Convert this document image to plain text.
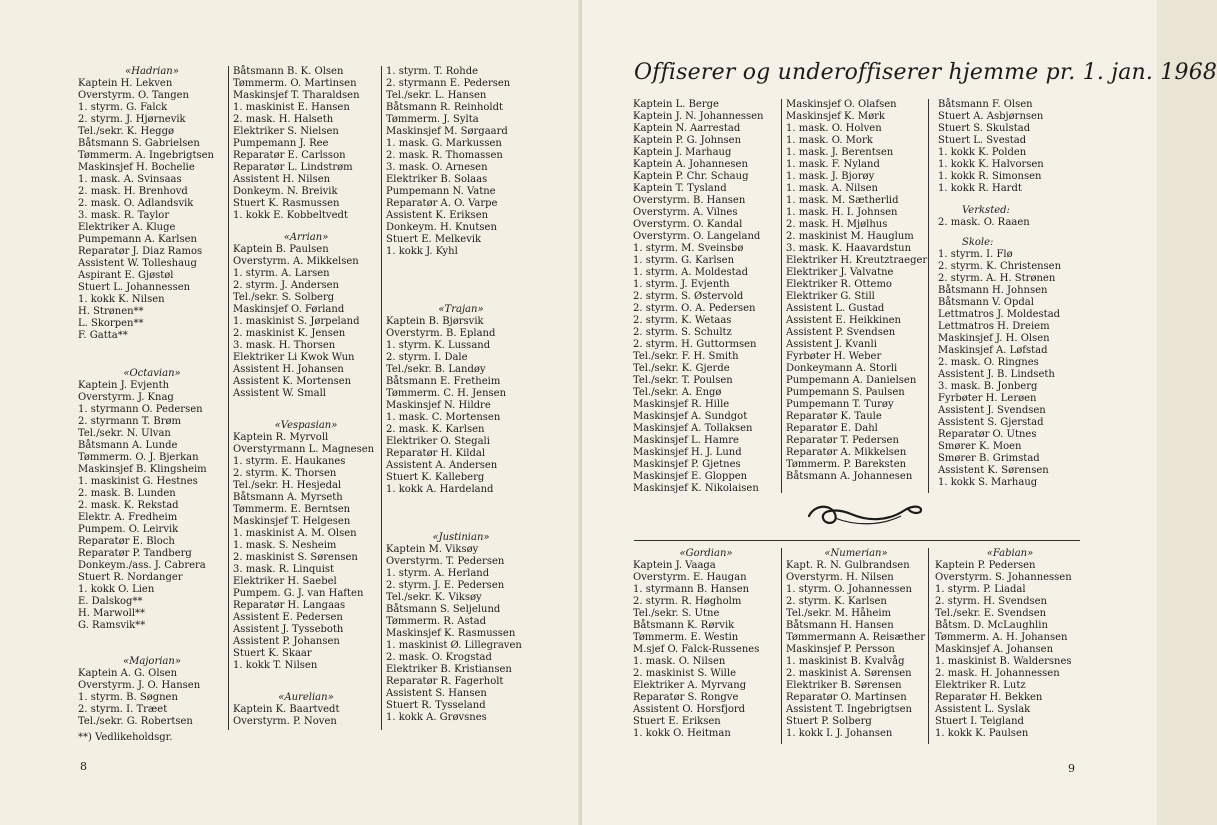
«Hadrian»
Kaptein H. Lekven
Overstyrm. O. Tangen
1. styrm. G. Falck
2. styrm. J. Hjørnevik
Tel./sekr. K. Heggø
Båtsmann S. Gabrielsen
Tømmerm. A. Ingebrigtsen
Maskinsjef H. Bochelie
1. mask. A. Svinsaas
2. mask. H. Brenhovd
2. mask. O. Adlandsvik
3. mask. R. Taylor
Elektriker A. Kluge
Pumpemann A. Karlsen
Reparatør J. Diaz Ramos
Assistent W. Tolleshaug
Aspirant E. Gjøstøl
Stuert L. Johannessen
1. kokk K. Nilsen
H. Strønen**
L. Skorpen**
F. Gatta**
«Octavian»
Kaptein J. Evjenth
Overstyrm. J. Knag
1. styrmann O. Pedersen
2. styrmann T. Brøm
Tel./sekr. N. Ulvan
Båtsmann A. Lunde
Tømmerm. O. J. Bjerkan
Maskinsjef B. Klingsheim
1. maskinist G. Hestnes
2. mask. B. Lunden
2. mask. K. Rekstad
Elektr. A. Fredheim
Pumpem. O. Leirvik
Reparatør E. Bloch
Reparatør P. Tandberg
Donkeym./ass. J. Cabrera
Stuert R. Nordanger
1. kokk O. Lien
E. Dalskog**
H. Marwoll**
G. Ramsvik**
«Majorian»
Kaptein A. G. Olsen
Overstyrm. J. O. Hansen
1. styrm. B. Søgnen
2. styrm. I. Træet
Tel./sekr. G. Robertsen
**) Vedlikeholdsgr.
Båtsmann B. K. Olsen
Tømmerm. O. Martinsen
Maskinsjef T. Tharaldsen
1. maskinist E. Hansen
2. mask. H. Halseth
Elektriker S. Nielsen
Pumpemann J. Ree
Reparatør E. Carlsson
Reparatør L. Lindstrøm
Assistent H. Nilsen
Donkeym. N. Breivik
Stuert K. Rasmussen
1. kokk E. Kobbeltvedt
«Arrian»
Kaptein B. Paulsen
Overstyrm. A. Mikkelsen
1. styrm. A. Larsen
2. styrm. J. Andersen
Tel./sekr. S. Solberg
Maskinsjef O. Førland
1. maskinist S. Jørpeland
2. maskinist K. Jensen
3. mask. H. Thorsen
Elektriker Li Kwok Wun
Assistent H. Johansen
Assistent K. Mortensen
Assistent W. Small
«Vespasian»
Kaptein R. Myrvoll
Overstyrmann L. Magnesen
1. styrm. E. Haukanes
2. styrm. K. Thorsen
Tel./sekr. H. Hesjedal
Båtsmann A. Myrseth
Tømmerm. E. Berntsen
Maskinsjef T. Helgesen
1. maskinist A. M. Olsen
1. mask. S. Nesheim
2. maskinist S. Sørensen
3. mask. R. Linquist
Elektriker H. Saebel
Pumpem. G. J. van Haften
Reparatør H. Langaas
Assistent E. Pedersen
Assistent J. Tysseboth
Assistent P. Johansen
Stuert K. Skaar
1. kokk T. Nilsen
«Aurelian»
Kaptein K. Baartvedt
Overstyrm. P. Noven
1. styrm. T. Rohde
2. styrmann E. Pedersen
Tel./sekr. L. Hansen
Båtsmann R. Reinholdt
Tømmerm. J. Sylta
Maskinsjef M. Sørgaard
1. mask. G. Markussen
2. mask. R. Thomassen
3. mask. O. Arnesen
Elektriker B. Solaas
Pumpemann N. Vatne
Reparatør A. O. Varpe
Assistent K. Eriksen
Donkeym. H. Knutsen
Stuert E. Melkevik
1. kokk J. Kyhl
«Trajan»
Kaptein B. Bjørsvik
Overstyrm. B. Epland
1. styrm. K. Lussand
2. styrm. I. Dale
Tel./sekr. B. Landøy
Båtsmann E. Fretheim
Tømmerm. C. H. Jensen
Maskinsjef N. Hildre
1. mask. C. Mortensen
2. mask. K. Karlsen
Elektriker O. Stegali
Reparatør H. Kildal
Assistent A. Andersen
Stuert K. Kalleberg
1. kokk A. Hardeland
«Justinian»
Kaptein M. Viksøy
Overstyrm. T. Pedersen
1. styrm. A. Herland
2. styrm. J. E. Pedersen
Tel./sekr. K. Viksøy
Båtsmann S. Seljelund
Tømmerm. R. Astad
Maskinsjef K. Rasmussen
1. maskinist Ø. Lillegraven
2. mask. O. Krogstad
Elektriker B. Kristiansen
Reparatør R. Fagerholt
Assistent S. Hansen
Stuert R. Tysseland
1. kokk A. Grøvsnes
8	9
Offiserer og underoffiserer hjemme pr. 1. jan. 1968
Kaptein L. Berge
Kaptein J. N. Johannessen
Kaptein N. Aarrestad
Kaptein P. G. Johnsen
Kaptein J. Marhaug
Kaptein A. Johannesen
Kaptein P. Chr. Schaug
Kaptein T. Tysland
Overstyrm. B. Hansen
Overstyrm. A. Vilnes
Overstyrm. O. Kandal
Overstyrm. O. Langeland
1. styrm. M. Sveinsbø
1. styrm. G. Karlsen
1. styrm. A. Moldestad
1. styrm. J. Evjenth
2. styrm. S. Østervold
2. styrm. O. A. Pedersen
2. styrm. K. Wetaas
2. styrm. S. Schultz
2. styrm. H. Guttormsen
Tel./sekr. F. H. Smith
Tel./sekr. K. Gjerde
Tel./sekr. T. Poulsen
Tel./sekr. A. Engø
Maskinsjef R. Hille
Maskinsjef A. Sundgot
Maskinsjef A. Tollaksen
Maskinsjef L. Hamre
Maskinsjef H. J. Lund
Maskinsjef P. Gjetnes
Maskinsjef E. Gloppen
Maskinsjef K. Nikolaisen
Maskinsjef O. Olafsen
Maskinsjef K. Mørk
1. mask. O. Holven
1. mask. O. Mork
1. mask. J. Berentsen
1. mask. F. Nyland
1. mask. J. Bjorøy
1. mask. A. Nilsen
1. mask. M. Sætherlid
1. mask. H. I. Johnsen
2. mask. H. Mjølhus
2. maskinist M. Hauglum
3. mask. K. Haavardstun
Elektriker H. Kreutztraeger
Elektriker J. Valvatne
Elektriker R. Ottemo
Elektriker G. Still
Assistent L. Gustad
Assistent E. Heikkinen
Assistent P. Svendsen
Assistent J. Kvanli
Fyrbøter H. Weber
Donkeymann A. Storli
Pumpemann A. Danielsen
Pumpemann S. Paulsen
Pumpemann T. Turøy
Reparatør K. Taule
Reparatør E. Dahl
Reparatør T. Pedersen
Reparatør A. Mikkelsen
Tømmerm. P. Bareksten
Båtsmann A. Johannesen
Båtsmann F. Olsen
Stuert A. Asbjørnsen
Stuert S. Skulstad
Stuert L. Svestad
1. kokk K. Polden
1. kokk K. Halvorsen
1. kokk R. Simonsen
1. kokk R. Hardt
Verksted:
2. mask. O. Raaen
Skole:
1. styrm. I. Flø
2. styrm. K. Christensen
2. styrm. A. H. Strønen
Båtsmann H. Johnsen
Båtsmann V. Opdal
Lettmatros J. Moldestad
Lettmatros H. Dreiem
Maskinsjef J. H. Olsen
Maskinsjef A. Løfstad
2. mask. O. Ringnes
Assistent J. B. Lindseth
3. mask. B. Jonberg
Fyrbøter H. Lerøen
Assistent J. Svendsen
Assistent S. Gjerstad
Reparatør O. Utnes
Smører K. Moen
Smører B. Grimstad
Assistent K. Sørensen
1. kokk S. Marhaug
«Gordian»
Kaptein J. Vaaga
Overstyrm. E. Haugan
1. styrmann B. Hansen
2. styrm. R. Høgholm
Tel./sekr. S. Utne
Båtsmann K. Rørvik
Tømmerm. E. Westin
M.sjef O. Falck-Russenes
1. mask. O. Nilsen
2. maskinist S. Wille
Elektriker A. Myrvang
Reparatør S. Rongve
Assistent O. Horsfjord
Stuert E. Eriksen
1. kokk O. Heitman
«Numerian»
Kapt. R. N. Gulbrandsen
Overstyrm. H. Nilsen
1. styrm. O. Johannessen
2. styrm. K. Karlsen
Tel./sekr. M. Håheim
Båtsmann H. Hansen
Tømmermann A. Reisæther
Maskinsjef P. Persson
1. maskinist B. Kvalvåg
2. maskinist A. Sørensen
Elektriker B. Sørensen
Reparatør O. Martinsen
Assistent T. Ingebrigtsen
Stuert P. Solberg
1. kokk I. J. Johansen
«Fabian»
Kaptein P. Pedersen
Overstyrm. S. Johannessen
1. styrm. P. Liadal
2. styrm. H. Svendsen
Tel./sekr. E. Svendsen
Båtsm. D. McLaughlin
Tømmerm. A. H. Johansen
Maskinsjef A. Johansen
1. maskinist B. Waldersnes
2. mask. H. Johannessen
Elektriker R. Lutz
Reparatør H. Bekken
Assistent L. Syslak
Stuert I. Teigland
1. kokk K. Paulsen
